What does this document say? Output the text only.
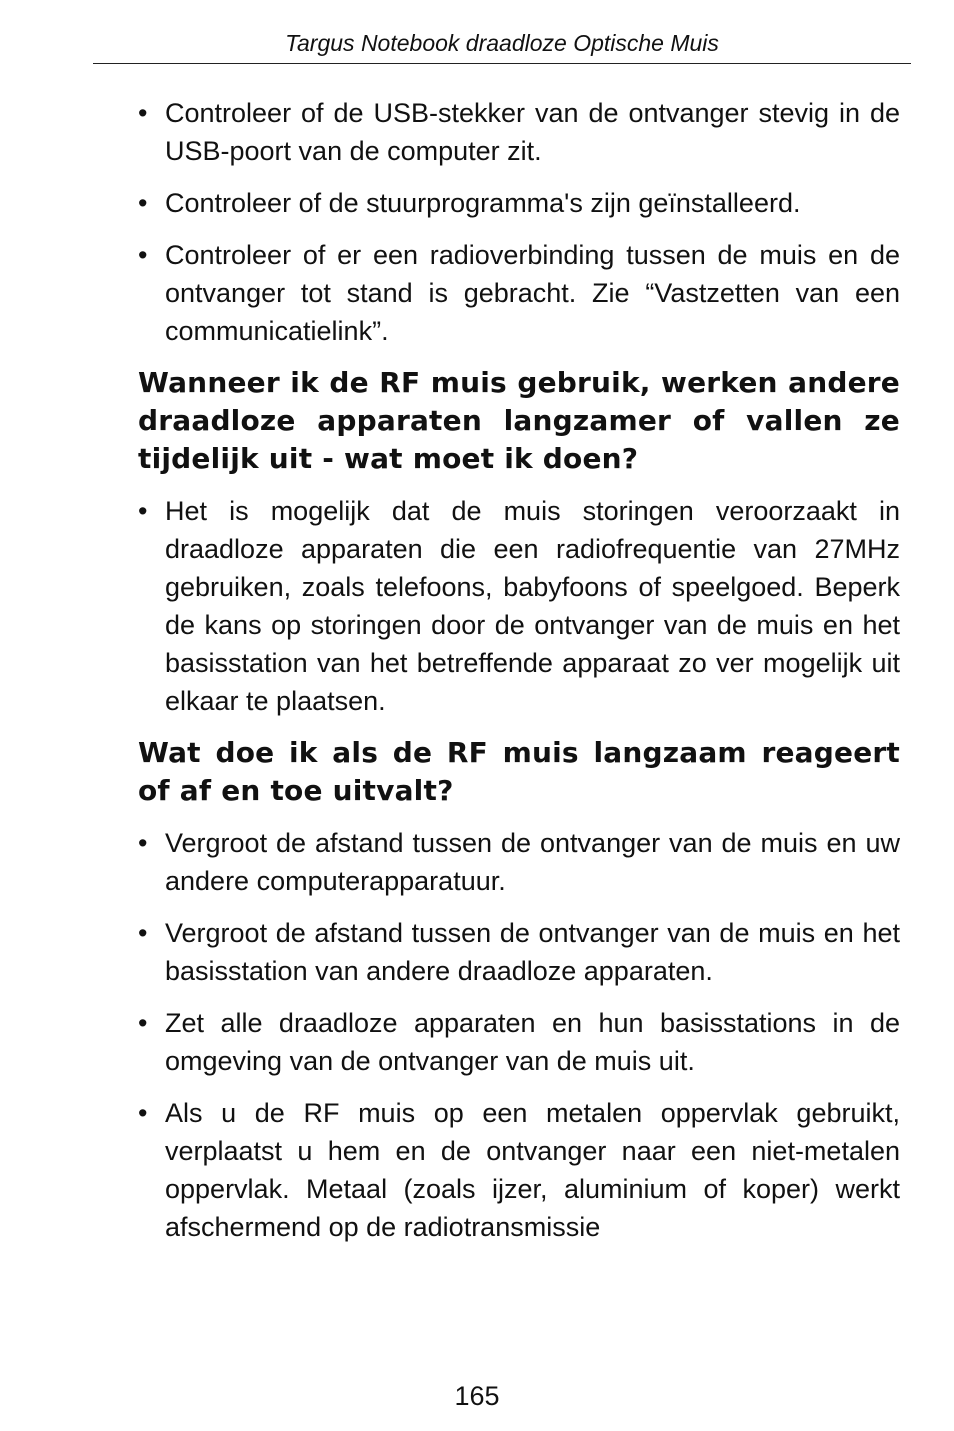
Targus Notebook draadloze Optische Muis
• Controleer of de USB-stekker van de ontvanger stevig in de USB-poort van de computer zit.
• Controleer of de stuurprogramma's zijn geïnstalleerd.
• Controleer of er een radioverbinding tussen de muis en de ontvanger tot stand is gebracht. Zie “Vastzetten van een communicatielink”.
Wanneer ik de RF muis gebruik, werken andere draadloze apparaten langzamer of vallen ze tijdelijk uit - wat moet ik doen?
• Het is mogelijk dat de muis storingen veroorzaakt in draadloze apparaten die een radiofrequentie van 27MHz gebruiken, zoals telefoons, babyfoons of speelgoed. Beperk de kans op storingen door de ontvanger van de muis en het basisstation van het betreffende apparaat zo ver mogelijk uit elkaar te plaatsen.
Wat doe ik als de RF muis langzaam reageert of af en toe uitvalt?
• Vergroot de afstand tussen de ontvanger van de muis en uw andere computerapparatuur.
• Vergroot de afstand tussen de ontvanger van de muis en het basisstation van andere draadloze apparaten.
• Zet alle draadloze apparaten en hun basisstations in de omgeving van de ontvanger van de muis uit.
• Als u de RF muis op een metalen oppervlak gebruikt, verplaatst u hem en de ontvanger naar een niet-metalen oppervlak. Metaal (zoals ijzer, aluminium of koper) werkt afschermend op de radiotransmissie
165
